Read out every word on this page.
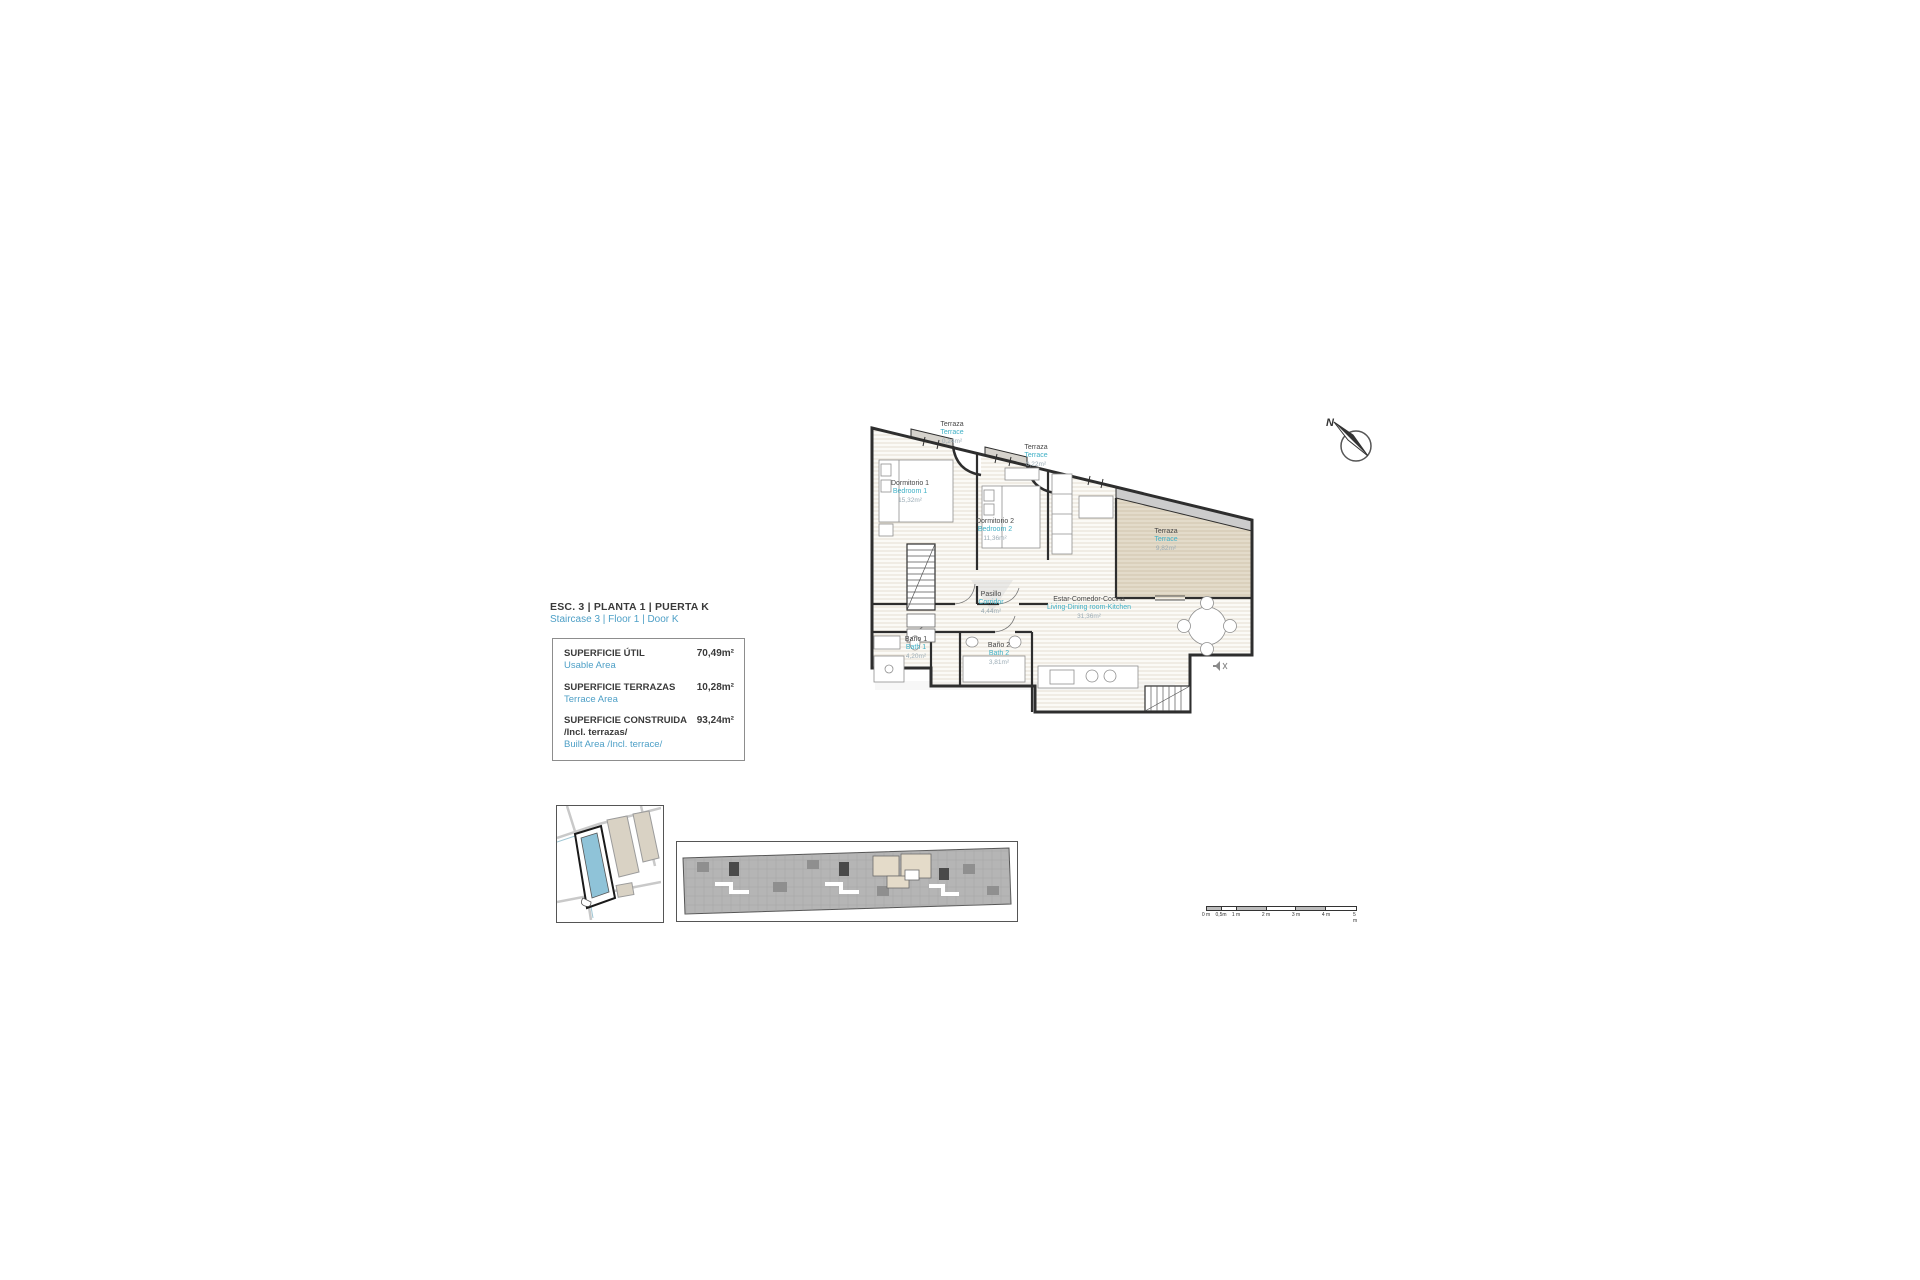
ESC. 3 | PLANTA 1 | PUERTA K
Staircase 3 | Floor 1 | Door K
SUPERFICIE ÚTIL	70,49m²
Usable Area
SUPERFICIE TERRAZAS 10,28m²
Terrace Area
SUPERFICIE CONSTRUIDA
/Incl. terrazas/
93,24m²
Built Area /Incl. terrace/
Terraza
Terrace
0,24m²
Terraza
Terrace
0,22m²
Dormitorio 1
Bedroom 1
15,32m²
Dormitorio 2
Bedroom 2
11,36m²
Terraza
Terrace
9,82m²
Pasillo
Corridor
4,44m²
Estar-Comedor-Cocina
Living-Dining room-Kitchen
31,36m²
Baño 1
Bath 1
4,20m²
Baño 2
Bath 2
3,81m²
N
0 m 0,5m 1 m	2 m	3 m	4 m	5 m
